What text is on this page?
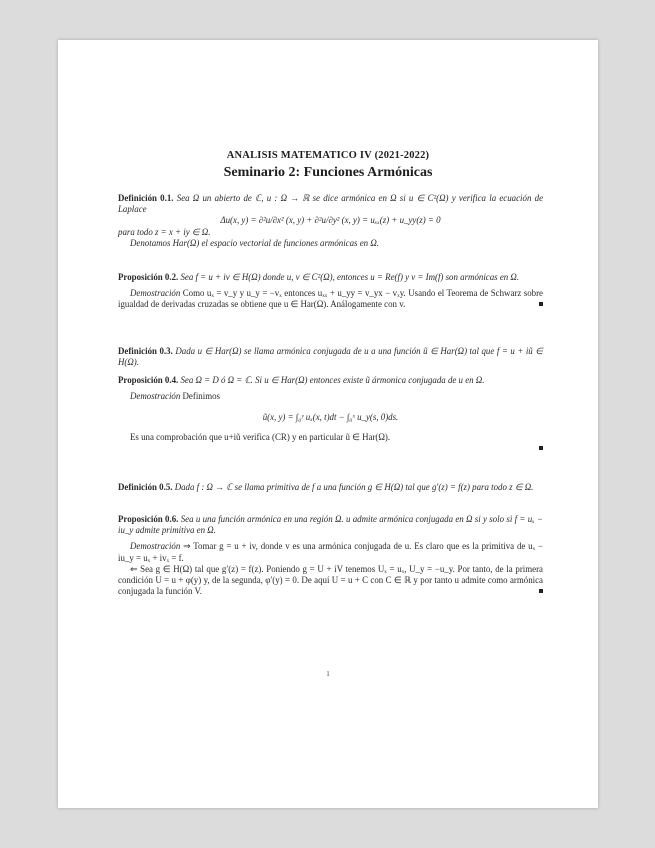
ANALISIS MATEMATICO IV (2021-2022)
Seminario 2: Funciones Armónicas

Definición 0.1. Sea Ω un abierto de ℂ, u : Ω → ℝ se dice armónica en Ω si u ∈ C²(Ω) y verifica la ecuación de Laplace

Δu(x, y) = ∂²u/∂x² (x, y) + ∂²u/∂y² (x, y) = uₓₓ(z) + u_yy(z) = 0

para todo z = x + iy ∈ Ω.

Denotamos Har(Ω) el espacio vectorial de funciones armónicas en Ω.

Proposición 0.2. Sea f = u + iv ∈ H(Ω) donde u, v ∈ C²(Ω), entonces u = Re(f) y v = Im(f) son armónicas en Ω.

Demostración Como uₓ = v_y y u_y = −vₓ entonces uₓₓ + u_yy = v_yx − vₓy. Usando el Teorema de Schwarz sobre igualdad de derivadas cruzadas se obtiene que u ∈ Har(Ω). Análogamente con v.

Definición 0.3. Dada u ∈ Har(Ω) se llama armónica conjugada de u a una función ũ ∈ Har(Ω) tal que f = u + iũ ∈ H(Ω).

Proposición 0.4. Sea Ω = D ó Ω = ℂ. Si u ∈ Har(Ω) entonces existe ũ ármonica conjugada de u en Ω.

Demostración Definimos

ũ(x, y) = ∫₀ʸ uₓ(x, t)dt − ∫₀ˣ u_y(s, 0)ds.

Es una comprobación que u+iũ verifica (CR) y en particular ũ ∈ Har(Ω).

Definición 0.5. Dada f : Ω → ℂ se llama primitiva de f a una función g ∈ H(Ω) tal que g′(z) = f(z) para todo z ∈ Ω.

Proposición 0.6. Sea u una función armónica en una región Ω. u admite armónica conjugada en Ω si y solo si f = uₓ − iu_y admite primitiva en Ω.

Demostración ⇒ Tomar g = u + iv, donde v es una armónica conjugada de u. Es claro que es la primitiva de uₓ − iu_y = uₓ + ivₓ = f.

⇐ Sea g ∈ H(Ω) tal que g′(z) = f(z). Poniendo g = U + iV tenemos Uₓ = uₓ, U_y = −u_y. Por tanto, de la primera condición U = u + φ(y) y, de la segunda, φ′(y) = 0. De aquí U = u + C con C ∈ ℝ y por tanto u admite como armónica conjugada la función V.

1
